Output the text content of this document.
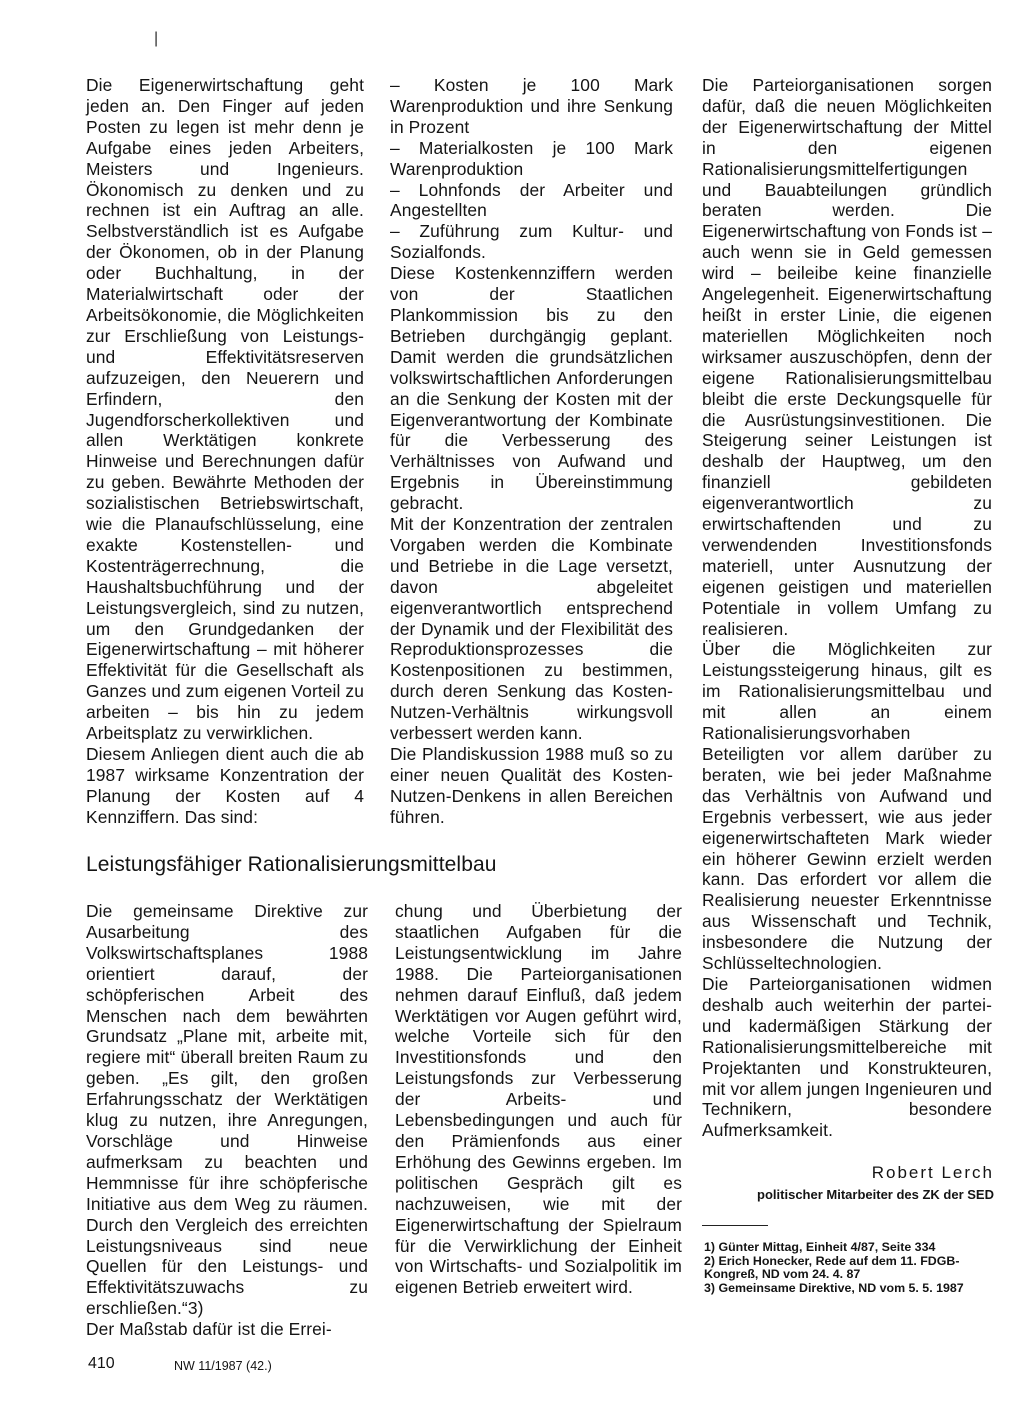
|

Die Eigenerwirtschaftung geht jeden an. Den Finger auf jeden Posten zu legen ist mehr denn je Aufgabe eines jeden Arbeiters, Meisters und Ingenieurs. Ökonomisch zu denken und zu rechnen ist ein Auftrag an alle. Selbstverständlich ist es Aufgabe der Ökonomen, ob in der Planung oder Buchhaltung, in der Materialwirtschaft oder der Arbeitsökonomie, die Möglichkeiten zur Erschließung von Leistungs- und Effektivitätsreserven aufzuzeigen, den Neuerern und Erfindern, den Jugendforscherkollektiven und allen Werktätigen konkrete Hinweise und Berechnungen dafür zu geben. Bewährte Methoden der sozialistischen Betriebswirtschaft, wie die Planaufschlüsselung, eine exakte Kostenstellen- und Kostenträgerrechnung, die Haushaltsbuchführung und der Leistungsvergleich, sind zu nutzen, um den Grundgedanken der Eigenerwirtschaftung – mit höherer Effektivität für die Gesellschaft als Ganzes und zum eigenen Vorteil zu arbeiten – bis hin zu jedem Arbeitsplatz zu verwirklichen.

Diesem Anliegen dient auch die ab 1987 wirksame Konzentration der Planung der Kosten auf 4 Kennziffern. Das sind:

– Kosten je 100 Mark Warenproduktion und ihre Senkung in Prozent

– Materialkosten je 100 Mark Warenproduktion

– Lohnfonds der Arbeiter und Angestellten

– Zuführung zum Kultur- und Sozialfonds.

Diese Kostenkennziffern werden von der Staatlichen Plankommission bis zu den Betrieben durchgängig geplant. Damit werden die grundsätzlichen volkswirtschaftlichen Anforderungen an die Senkung der Kosten mit der Eigenverantwortung der Kombinate für die Verbesserung des Verhältnisses von Aufwand und Ergebnis in Übereinstimmung gebracht.

Mit der Konzentration der zentralen Vorgaben werden die Kombinate und Betriebe in die Lage versetzt, davon abgeleitet eigenverantwortlich entsprechend der Dynamik und der Flexibilität des Reproduktionsprozesses die Kostenpositionen zu bestimmen, durch deren Senkung das Kosten-Nutzen-Verhältnis wirkungsvoll verbessert werden kann.

Die Plandiskussion 1988 muß so zu einer neuen Qualität des Kosten-Nutzen-Denkens in allen Bereichen führen.

Die Parteiorganisationen sorgen dafür, daß die neuen Möglichkeiten der Eigenerwirtschaftung der Mittel in den eigenen Rationalisierungsmittelfertigungen und Bauabteilungen gründlich beraten werden. Die Eigenerwirtschaftung von Fonds ist – auch wenn sie in Geld gemessen wird – beileibe keine finanzielle Angelegenheit. Eigenerwirtschaftung heißt in erster Linie, die eigenen materiellen Möglichkeiten noch wirksamer auszuschöpfen, denn der eigene Rationalisierungsmittelbau bleibt die erste Deckungsquelle für die Ausrüstungsinvestitionen. Die Steigerung seiner Leistungen ist deshalb der Hauptweg, um den finanziell gebildeten eigenverantwortlich zu erwirtschaftenden und zu verwendenden Investitionsfonds materiell, unter Ausnutzung der eigenen geistigen und materiellen Potentiale in vollem Umfang zu realisieren.

Über die Möglichkeiten zur Leistungssteigerung hinaus, gilt es im Rationalisierungsmittelbau und mit allen an einem Rationalisierungsvorhaben Beteiligten vor allem darüber zu beraten, wie bei jeder Maßnahme das Verhältnis von Aufwand und Ergebnis verbessert, wie aus jeder eigenerwirtschafteten Mark wieder ein höherer Gewinn erzielt werden kann. Das erfordert vor allem die Realisierung neuester Erkenntnisse aus Wissenschaft und Technik, insbesondere die Nutzung der Schlüsseltechnologien.

Die Parteiorganisationen widmen deshalb auch weiterhin der partei- und kadermäßigen Stärkung der Rationalisierungsmittelbereiche mit Projektanten und Konstrukteuren, mit vor allem jungen Ingenieuren und Technikern, besondere Aufmerksamkeit.

Leistungsfähiger Rationalisierungsmittelbau

Die gemeinsame Direktive zur Ausarbeitung des Volkswirtschaftsplanes 1988 orientiert darauf, der schöpferischen Arbeit des Menschen nach dem bewährten Grundsatz „Plane mit, arbeite mit, regiere mit“ überall breiten Raum zu geben. „Es gilt, den großen Erfahrungsschatz der Werktätigen klug zu nutzen, ihre Anregungen, Vorschläge und Hinweise aufmerksam zu beachten und Hemmnisse für ihre schöpferische Initiative aus dem Weg zu räumen. Durch den Vergleich des erreichten Leistungsniveaus sind neue Quellen für den Leistungs- und Effektivitätszuwachs zu erschließen.“3)

Der Maßstab dafür ist die Errei-

chung und Überbietung der staatlichen Aufgaben für die Leistungsentwicklung im Jahre 1988. Die Parteiorganisationen nehmen darauf Einfluß, daß jedem Werktätigen vor Augen geführt wird, welche Vorteile sich für den Investitionsfonds und den Leistungsfonds zur Verbesserung der Arbeits- und Lebensbedingungen und auch für den Prämienfonds aus einer Erhöhung des Gewinns ergeben. Im politischen Gespräch gilt es nachzuweisen, wie mit der Eigenerwirtschaftung der Spielraum für die Verwirklichung der Einheit von Wirtschafts- und Sozialpolitik im eigenen Betrieb erweitert wird.

Robert Lerch
politischer Mitarbeiter des ZK der SED
1) Günter Mittag, Einheit 4/87, Seite 334
2) Erich Honecker, Rede auf dem 11. FDGB-Kongreß, ND vom 24. 4. 87
3) Gemeinsame Direktive, ND vom 5. 5. 1987
410	NW 11/1987 (42.)
